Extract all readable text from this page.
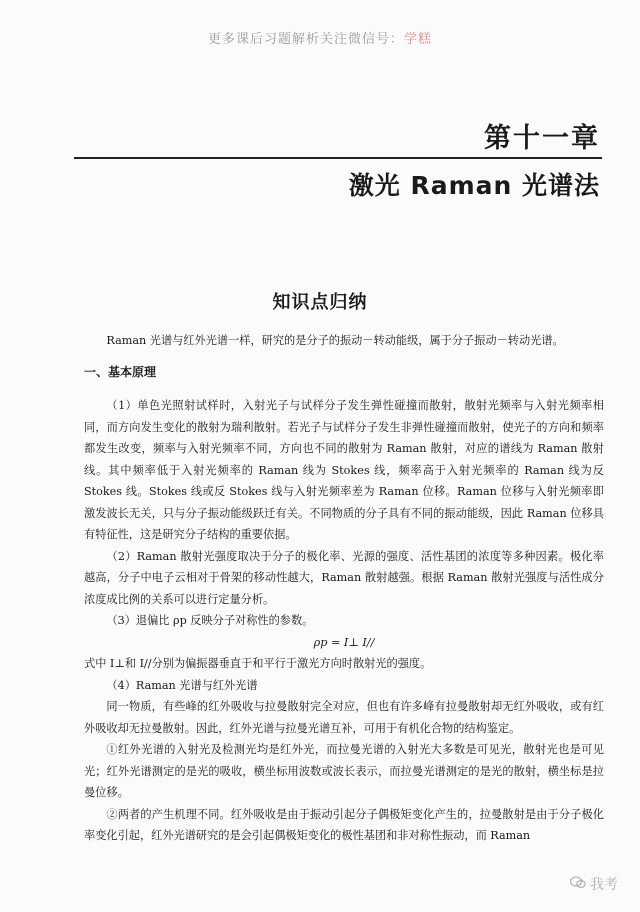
更多课后习题解析关注微信号：学糕
第十一章
激光 Raman 光谱法
知识点归纳

Raman 光谱与红外光谱一样，研究的是分子的振动－转动能级，属于分子振动－转动光谱。

一、基本原理

（1）单色光照射试样时，入射光子与试样分子发生弹性碰撞而散射，散射光频率与入射光频率相同，而方向发生变化的散射为瑞利散射。若光子与试样分子发生非弹性碰撞而散射，使光子的方向和频率都发生改变，频率与入射光频率不同，方向也不同的散射为 Raman 散射，对应的谱线为 Raman 散射线。其中频率低于入射光频率的 Raman 线为 Stokes 线，频率高于入射光频率的 Raman 线为反 Stokes 线。Stokes 线或反 Stokes 线与入射光频率差为 Raman 位移。Raman 位移与入射光频率即激发波长无关，只与分子振动能级跃迁有关。不同物质的分子具有不同的振动能级，因此 Raman 位移具有特征性，这是研究分子结构的重要依据。

（2）Raman 散射光强度取决于分子的极化率、光源的强度、活性基团的浓度等多种因素。极化率越高，分子中电子云相对于骨架的移动性越大，Raman 散射越强。根据 Raman 散射光强度与活性成分浓度成比例的关系可以进行定量分析。

（3）退偏比 ρp 反映分子对称性的参数。

ρp = I⊥ I//

式中 I⊥和 I//分别为偏振器垂直于和平行于激光方向时散射光的强度。

（4）Raman 光谱与红外光谱

同一物质，有些峰的红外吸收与拉曼散射完全对应，但也有许多峰有拉曼散射却无红外吸收，或有红外吸收却无拉曼散射。因此，红外光谱与拉曼光谱互补，可用于有机化合物的结构鉴定。

①红外光谱的入射光及检测光均是红外光，而拉曼光谱的入射光大多数是可见光，散射光也是可见光；红外光谱测定的是光的吸收，横坐标用波数或波长表示，而拉曼光谱测定的是光的散射，横坐标是拉曼位移。

②两者的产生机理不同。红外吸收是由于振动引起分子偶极矩变化产生的，拉曼散射是由于分子极化率变化引起，红外光谱研究的是会引起偶极矩变化的极性基团和非对称性振动，而 Raman

我考
